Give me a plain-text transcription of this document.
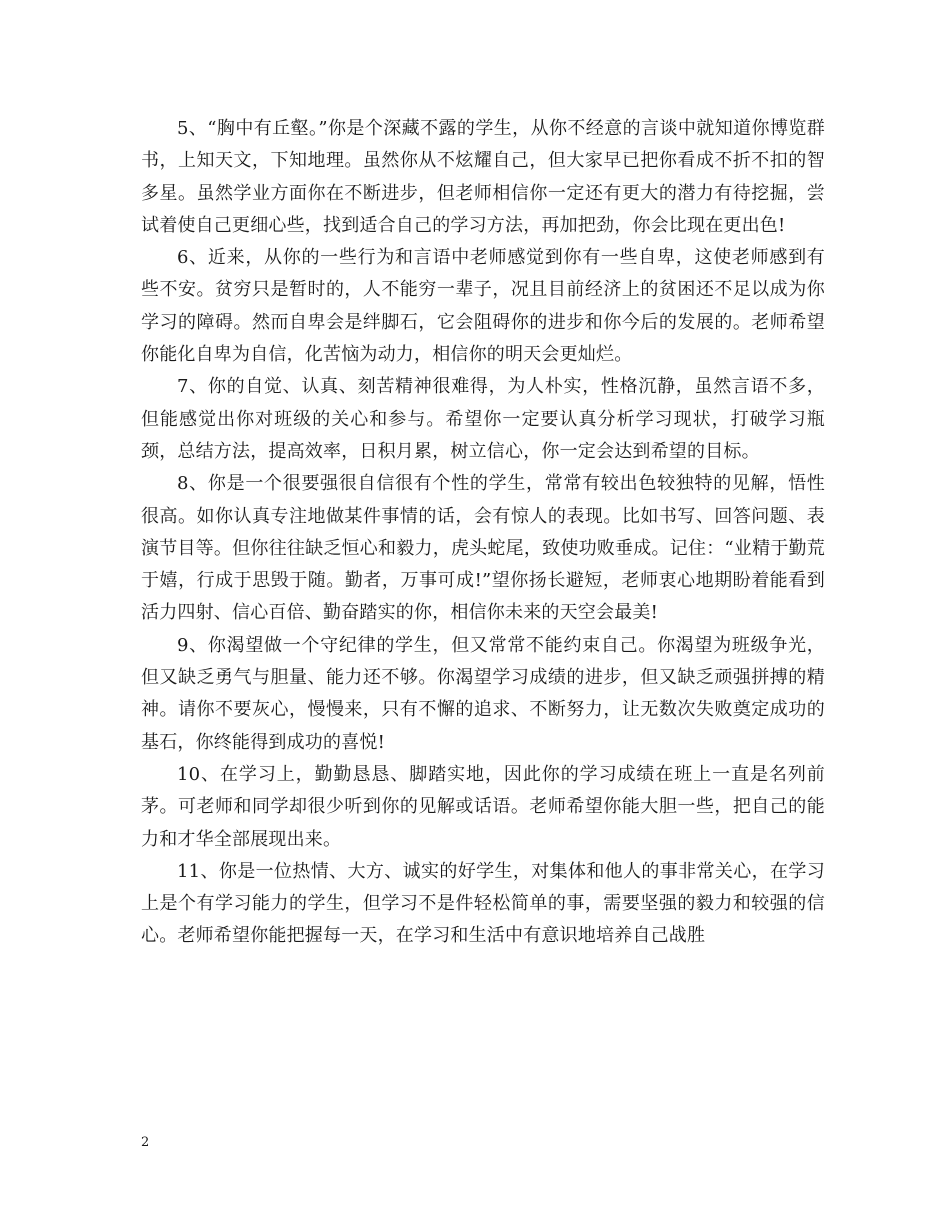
5、“胸中有丘壑。”你是个深藏不露的学生，从你不经意的言谈中就知道你博览群书，上知天文，下知地理。虽然你从不炫耀自己，但大家早已把你看成不折不扣的智多星。虽然学业方面你在不断进步，但老师相信你一定还有更大的潜力有待挖掘，尝试着使自己更细心些，找到适合自己的学习方法，再加把劲，你会比现在更出色!

6、近来，从你的一些行为和言语中老师感觉到你有一些自卑，这使老师感到有些不安。贫穷只是暂时的，人不能穷一辈子，况且目前经济上的贫困还不足以成为你学习的障碍。然而自卑会是绊脚石，它会阻碍你的进步和你今后的发展的。老师希望你能化自卑为自信，化苦恼为动力，相信你的明天会更灿烂。

7、你的自觉、认真、刻苦精神很难得，为人朴实，性格沉静，虽然言语不多，但能感觉出你对班级的关心和参与。希望你一定要认真分析学习现状，打破学习瓶颈，总结方法，提高效率，日积月累，树立信心，你一定会达到希望的目标。

8、你是一个很要强很自信很有个性的学生，常常有较出色较独特的见解，悟性很高。如你认真专注地做某件事情的话，会有惊人的表现。比如书写、回答问题、表演节目等。但你往往缺乏恒心和毅力，虎头蛇尾，致使功败垂成。记住：“业精于勤荒于嬉，行成于思毁于随。勤者，万事可成!”望你扬长避短，老师衷心地期盼着能看到活力四射、信心百倍、勤奋踏实的你，相信你未来的天空会最美!

9、你渴望做一个守纪律的学生，但又常常不能约束自己。你渴望为班级争光，但又缺乏勇气与胆量、能力还不够。你渴望学习成绩的进步，但又缺乏顽强拼搏的精神。请你不要灰心，慢慢来，只有不懈的追求、不断努力，让无数次失败奠定成功的基石，你终能得到成功的喜悦!

10、在学习上，勤勤恳恳、脚踏实地，因此你的学习成绩在班上一直是名列前茅。可老师和同学却很少听到你的见解或话语。老师希望你能大胆一些，把自己的能力和才华全部展现出来。

11、你是一位热情、大方、诚实的好学生，对集体和他人的事非常关心，在学习上是个有学习能力的学生，但学习不是件轻松简单的事，需要坚强的毅力和较强的信心。老师希望你能把握每一天，在学习和生活中有意识地培养自己战胜

2
